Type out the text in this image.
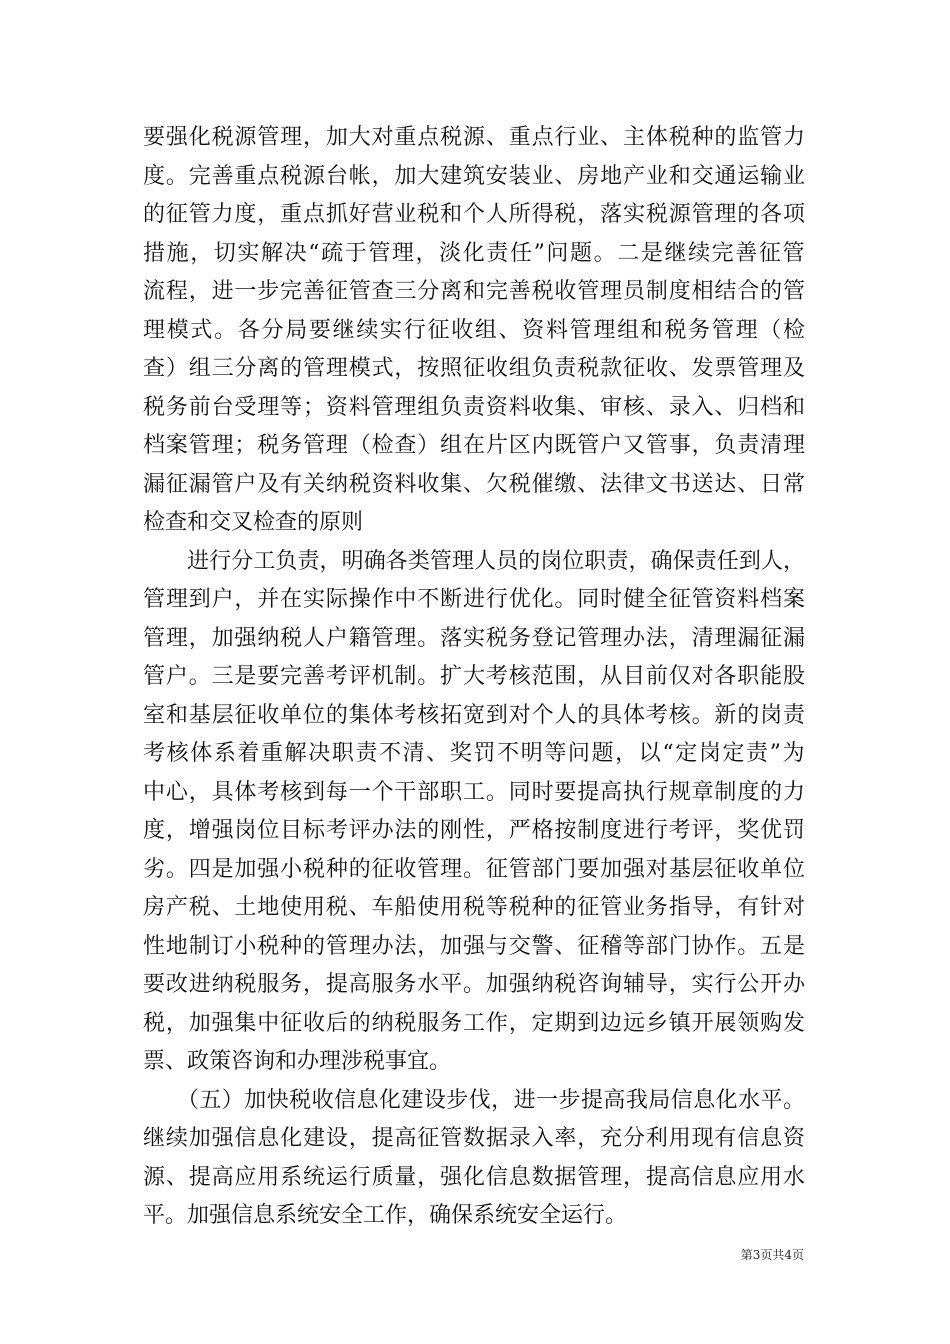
要强化税源管理，加大对重点税源、重点行业、主体税种的监管力
度。完善重点税源台帐，加大建筑安装业、房地产业和交通运输业
的征管力度，重点抓好营业税和个人所得税，落实税源管理的各项
措施，切实解决“疏于管理，淡化责任”问题。二是继续完善征管
流程，进一步完善征管查三分离和完善税收管理员制度相结合的管
理模式。各分局要继续实行征收组、资料管理组和税务管理（检
查）组三分离的管理模式，按照征收组负责税款征收、发票管理及
税务前台受理等；资料管理组负责资料收集、审核、录入、归档和
档案管理；税务管理（检查）组在片区内既管户又管事，负责清理
漏征漏管户及有关纳税资料收集、欠税催缴、法律文书送达、日常
检查和交叉检查的原则
　　进行分工负责，明确各类管理人员的岗位职责，确保责任到人，
管理到户，并在实际操作中不断进行优化。同时健全征管资料档案
管理，加强纳税人户籍管理。落实税务登记管理办法，清理漏征漏
管户。三是要完善考评机制。扩大考核范围，从目前仅对各职能股
室和基层征收单位的集体考核拓宽到对个人的具体考核。新的岗责
考核体系着重解决职责不清、奖罚不明等问题，以“定岗定责”为
中心，具体考核到每一个干部职工。同时要提高执行规章制度的力
度，增强岗位目标考评办法的刚性，严格按制度进行考评，奖优罚
劣。四是加强小税种的征收管理。征管部门要加强对基层征收单位
房产税、土地使用税、车船使用税等税种的征管业务指导，有针对
性地制订小税种的管理办法，加强与交警、征稽等部门协作。五是
要改进纳税服务，提高服务水平。加强纳税咨询辅导，实行公开办
税，加强集中征收后的纳税服务工作，定期到边远乡镇开展领购发
票、政策咨询和办理涉税事宜。
　　（五）加快税收信息化建设步伐，进一步提高我局信息化水平。
继续加强信息化建设，提高征管数据录入率，充分利用现有信息资
源、提高应用系统运行质量，强化信息数据管理，提高信息应用水
平。加强信息系统安全工作，确保系统安全运行。
第3页共4页
